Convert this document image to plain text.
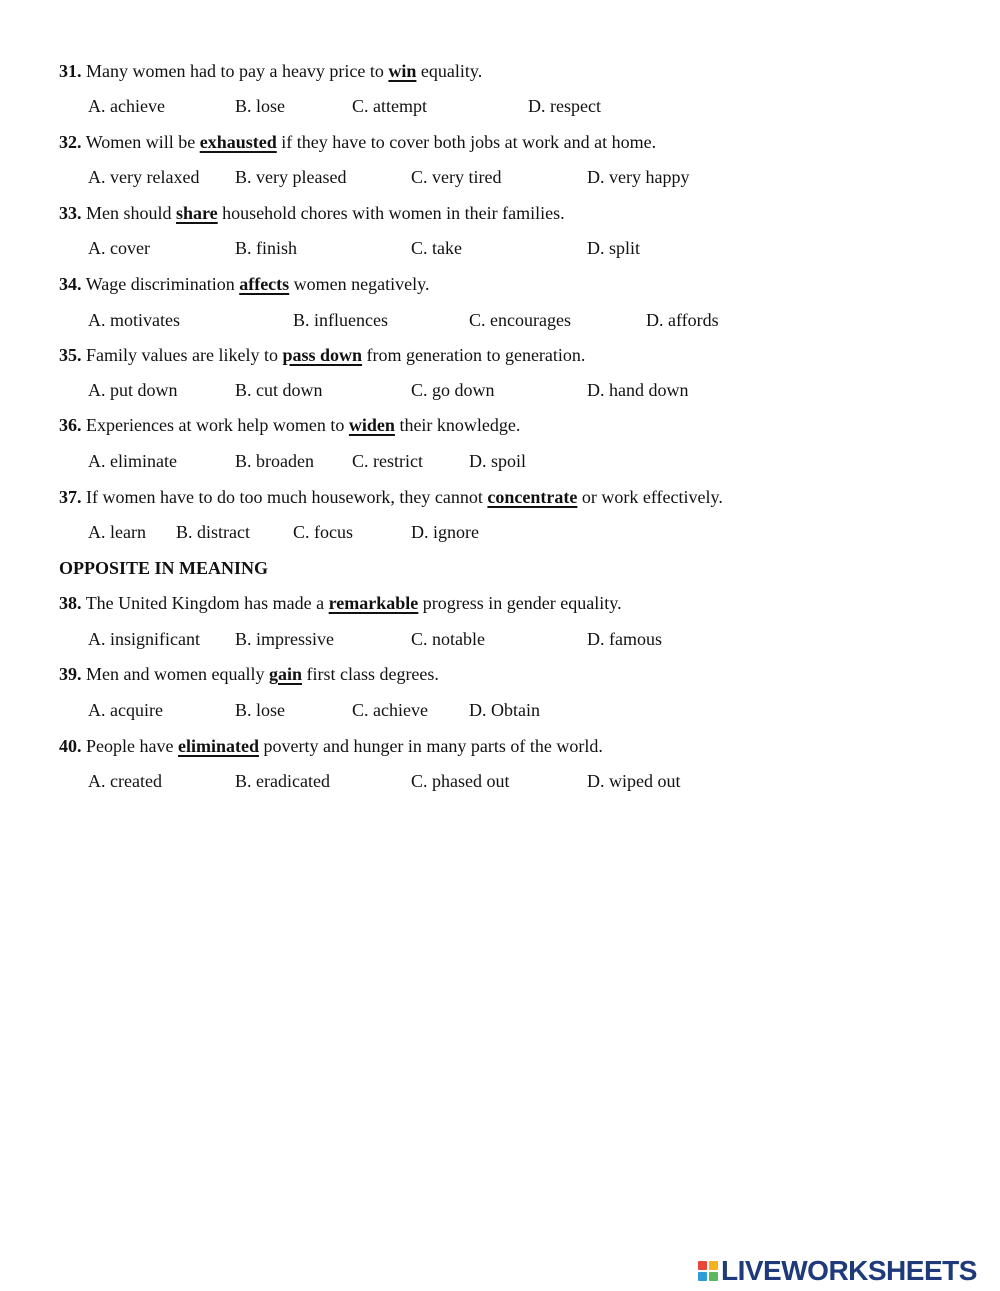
31. Many women had to pay a heavy price to win equality.
A. achieve	B. lose	C. attempt	D. respect
32. Women will be exhausted if they have to cover both jobs at work and at home.
A. very relaxed B. very pleased	C. very tired	D. very happy
33. Men should share household chores with women in their families.
A. cover	B. finish	C. take	D. split
34. Wage discrimination affects women negatively.
A. motivates	B. influences	C. encourages	D. affords
35. Family values are likely to pass down from generation to generation.
A. put down	B. cut down	C. go down	D. hand down
36. Experiences at work help women to widen their knowledge.
A. eliminate	B. broaden C. restrict	D. spoil
37. If women have to do too much housework, they cannot concentrate or work effectively.
A. learn B. distract C. focus	D. ignore
OPPOSITE IN MEANING
38. The United Kingdom has made a remarkable progress in gender equality.
A. insignificant B. impressive	C. notable	D. famous
39. Men and women equally gain first class degrees.
A. acquire	B. lose	C. achieve D. Obtain
40. People have eliminated poverty and hunger in many parts of the world.
A. created	B. eradicated	C. phased out	D. wiped out
LIVEWORKSHEETS
